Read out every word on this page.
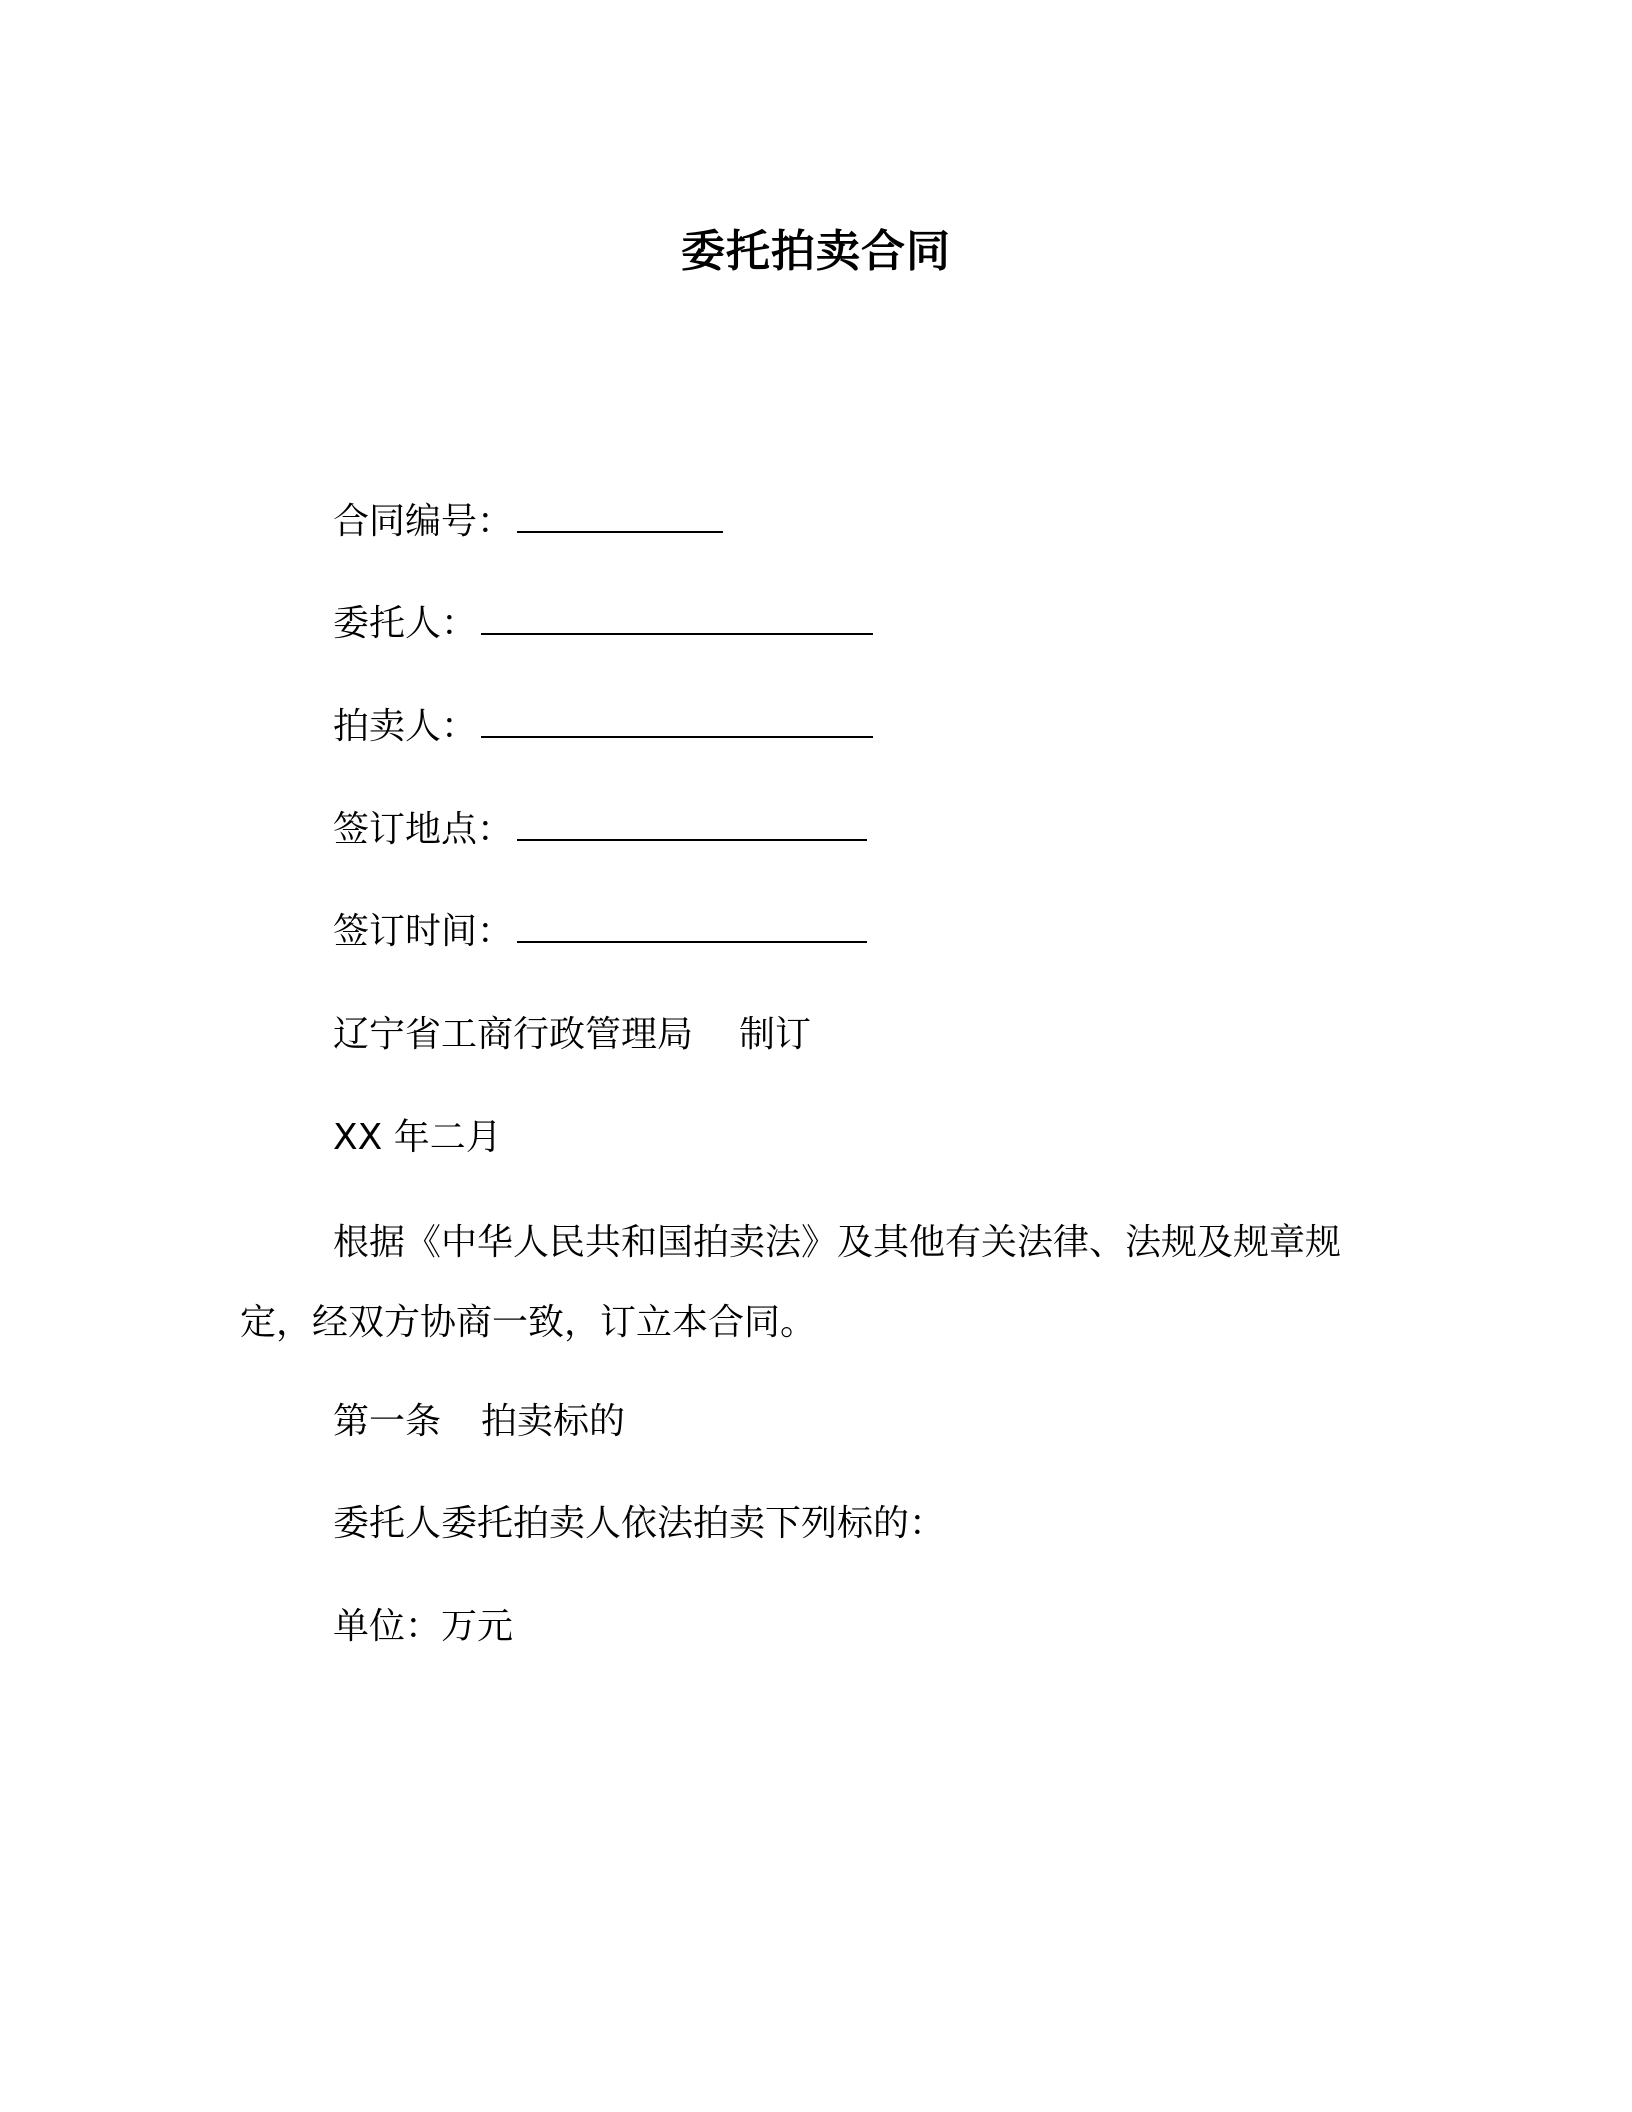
委托拍卖合同
合同编号：
委托人：
拍卖人：
签订地点：
签订时间：
辽宁省工商行政管理局 制订
XX 年二月
根据《中华人民共和国拍卖法》及其他有关法律、法规及规章规定，经双方协商一致，订立本合同。
第一条 拍卖标的
委托人委托拍卖人依法拍卖下列标的：
单位：万元
